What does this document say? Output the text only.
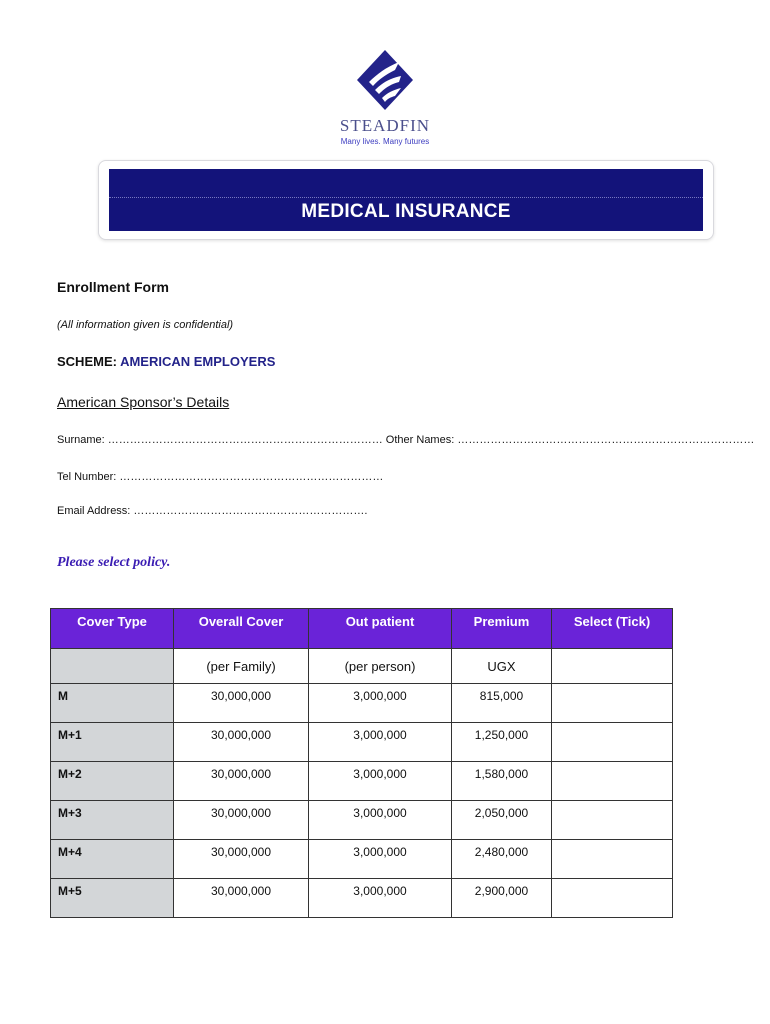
STEADFIN
Many lives. Many futures
MEDICAL INSURANCE
Enrollment Form
(All information given is confidential)
SCHEME: AMERICAN EMPLOYERS
American Sponsor’s Details
Surname: ………………………………………………………………… Other Names: ………………………………………………………………………
Tel Number: ………………………………………………………………
Email Address: ……………………………………………………….
Please select policy.
Cover Type	Overall Cover	Out patient	Premium	Select (Tick)
	(per Family)	(per person)	UGX	
M	30,000,000	3,000,000	815,000	
M+1	30,000,000	3,000,000	1,250,000	
M+2	30,000,000	3,000,000	1,580,000	
M+3	30,000,000	3,000,000	2,050,000	
M+4	30,000,000	3,000,000	2,480,000	
M+5	30,000,000	3,000,000	2,900,000	
